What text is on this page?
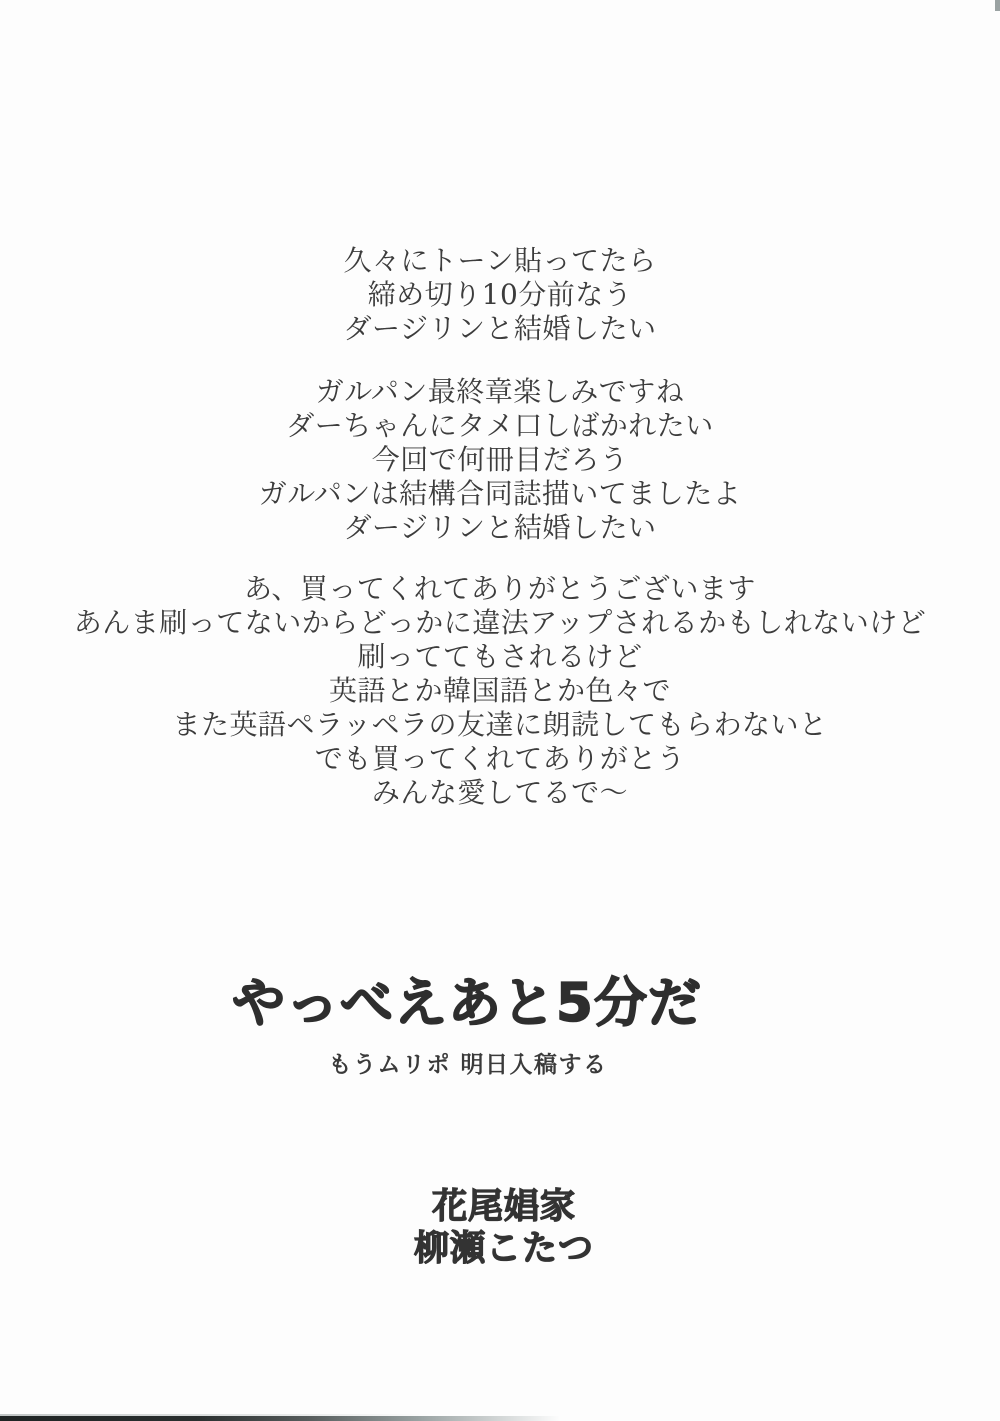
久々にトーン貼ってたら
締め切り10分前なう
ダージリンと結婚したい
ガルパン最終章楽しみですね
ダーちゃんにタメ口しばかれたい
今回で何冊目だろう
ガルパンは結構合同誌描いてましたよ
ダージリンと結婚したい
あ、買ってくれてありがとうございます
あんま刷ってないからどっかに違法アップされるかもしれないけど
刷っててもされるけど
英語とか韓国語とか色々で
また英語ペラッペラの友達に朗読してもらわないと
でも買ってくれてありがとう
みんな愛してるで～
やっべえあと5分だ
もうムリポ 明日入稿する
花尾娼家
柳瀬こたつ
